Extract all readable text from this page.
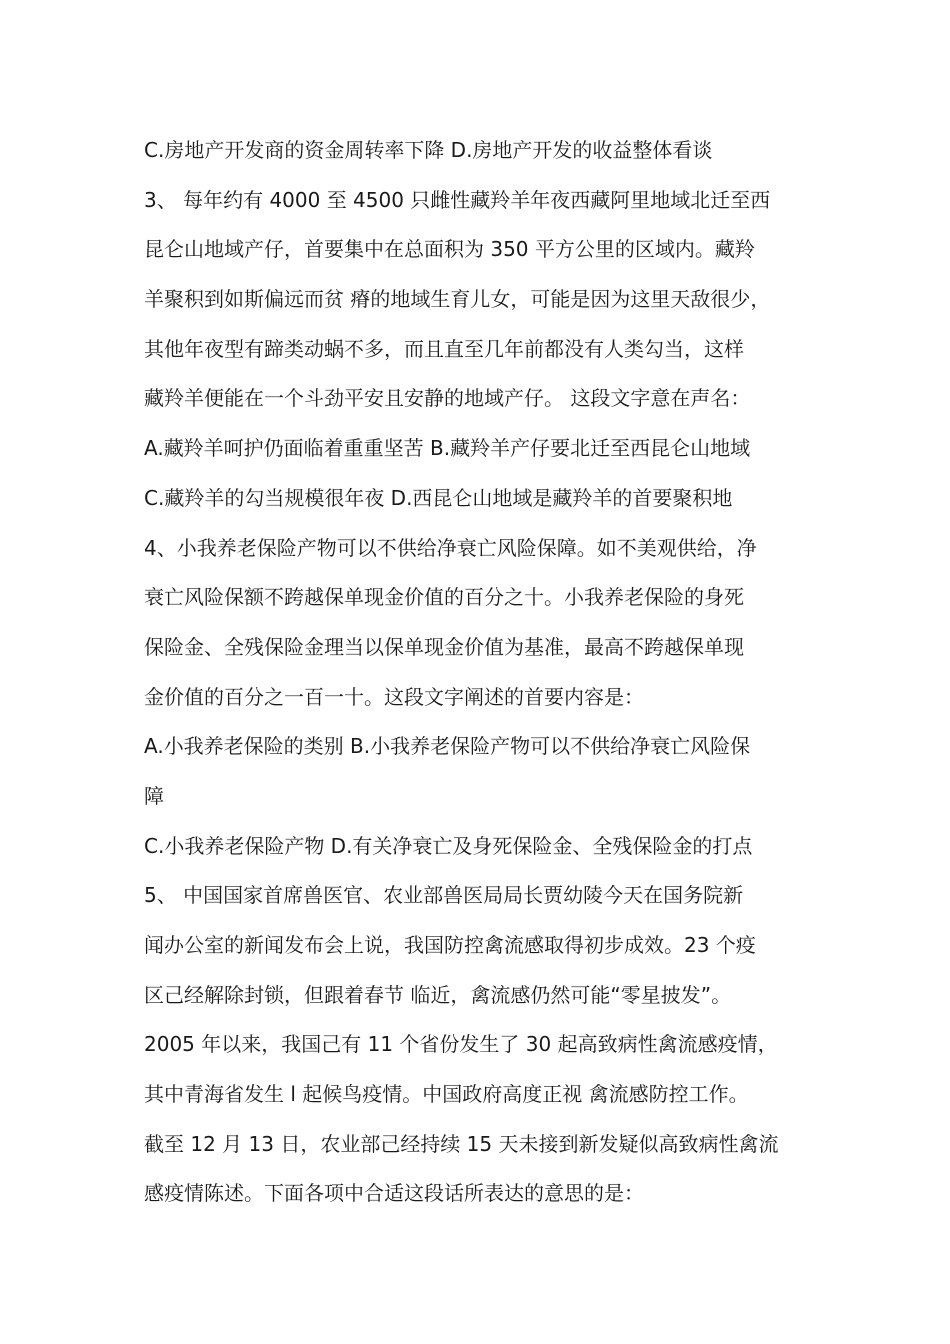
C.房地产开发商的资金周转率下降 D.房地产开发的收益整体看谈
3、 每年约有 4000 至 4500 只雌性藏羚羊年夜西藏阿里地域北迁至西
昆仑山地域产仔，首要集中在总面积为 350 平方公里的区域内。藏羚
羊聚积到如斯偏远而贫 瘠的地域生育儿女，可能是因为这里天敌很少，
其他年夜型有蹄类动蜗不多，而且直至几年前都没有人类勾当，这样
藏羚羊便能在一个斗劲平安且安静的地域产仔。 这段文字意在声名：
A.藏羚羊呵护仍面临着重重坚苦 B.藏羚羊产仔要北迁至西昆仑山地域
C.藏羚羊的勾当规模很年夜 D.西昆仑山地域是藏羚羊的首要聚积地
4、小我养老保险产物可以不供给净衰亡风险保障。如不美观供给，净
衰亡风险保额不跨越保单现金价值的百分之十。小我养老保险的身死
保险金、全残保险金理当以保单现金价值为基准，最高不跨越保单现
金价值的百分之一百一十。这段文字阐述的首要内容是：
A.小我养老保险的类别 B.小我养老保险产物可以不供给净衰亡风险保
障
C.小我养老保险产物 D.有关净衰亡及身死保险金、全残保险金的打点
5、 中国国家首席兽医官、农业部兽医局局长贾幼陵今天在国务院新
闻办公室的新闻发布会上说，我国防控禽流感取得初步成效。23 个疫
区己经解除封锁，但跟着春节 临近，禽流感仍然可能“零星披发”。
2005 年以来，我国己有 11 个省份发生了 30 起高致病性禽流感疫情，
其中青海省发生 l 起候鸟疫情。中国政府高度正视 禽流感防控工作。
截至 12 月 13 日，农业部己经持续 15 天未接到新发疑似高致病性禽流
感疫情陈述。下面各项中合适这段话所表达的意思的是：
